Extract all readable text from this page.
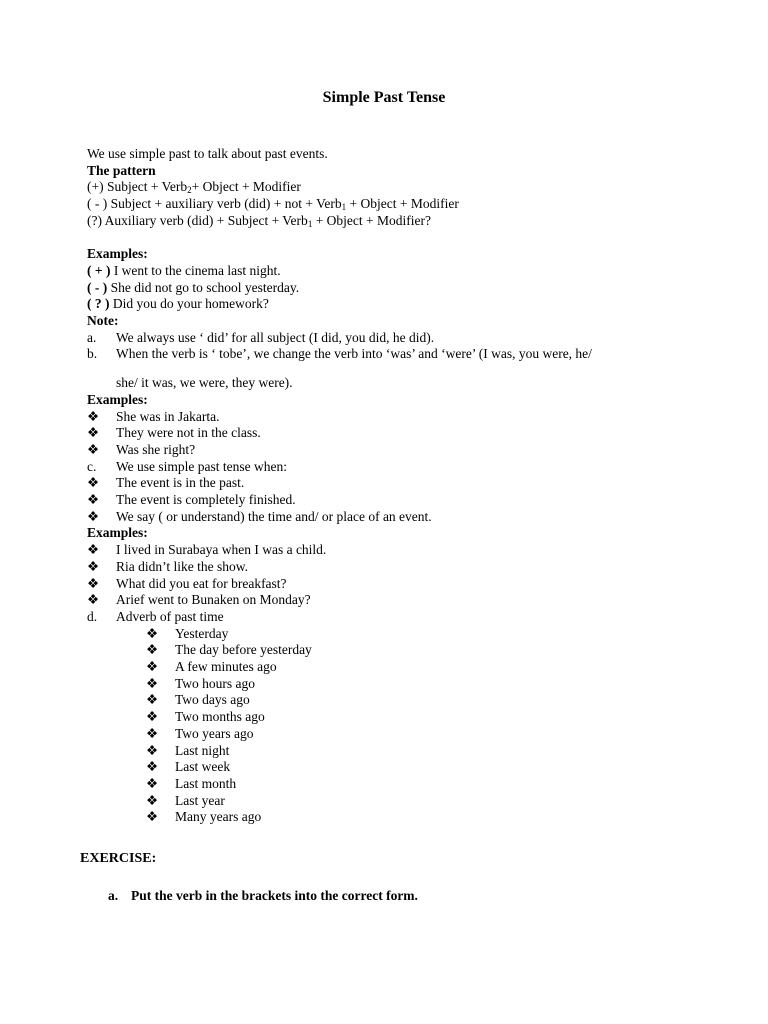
Simple Past Tense
We use simple past to talk about past events.
The pattern
(+) Subject + Verb$_2$+ Object + Modifier
( - ) Subject + auxiliary verb (did) + not + Verb$_1$ + Object + Modifier
(?) Auxiliary verb (did) + Subject + Verb$_1$ + Object + Modifier?
Examples:
( + ) I went to the cinema last night.
( - ) She did not go to school yesterday.
( ? ) Did you do your homework?
Note:
a.	We always use ‘ did’ for all subject (I did, you did, he did).
b.	When the verb is ‘ tobe’, we change the verb into ‘was’ and ‘were’ (I was, you were, he/
she/ it was, we were, they were).
Examples:
❖	She was in Jakarta.
❖	They were not in the class.
❖	Was she right?
c.	We use simple past tense when:
❖	The event is in the past.
❖	The event is completely finished.
❖	We say ( or understand) the time and/ or place of an event.
Examples:
❖	I lived in Surabaya when I was a child.
❖	Ria didn’t like the show.
❖	What did you eat for breakfast?
❖	Arief went to Bunaken on Monday?
d.	Adverb of past time
❖	Yesterday
❖	The day before yesterday
❖	A few minutes ago
❖	Two hours ago
❖	Two days ago
❖	Two months ago
❖	Two years ago
❖	Last night
❖	Last week
❖	Last month
❖	Last year
❖	Many years ago
EXERCISE:
a. Put the verb in the brackets into the correct form.
